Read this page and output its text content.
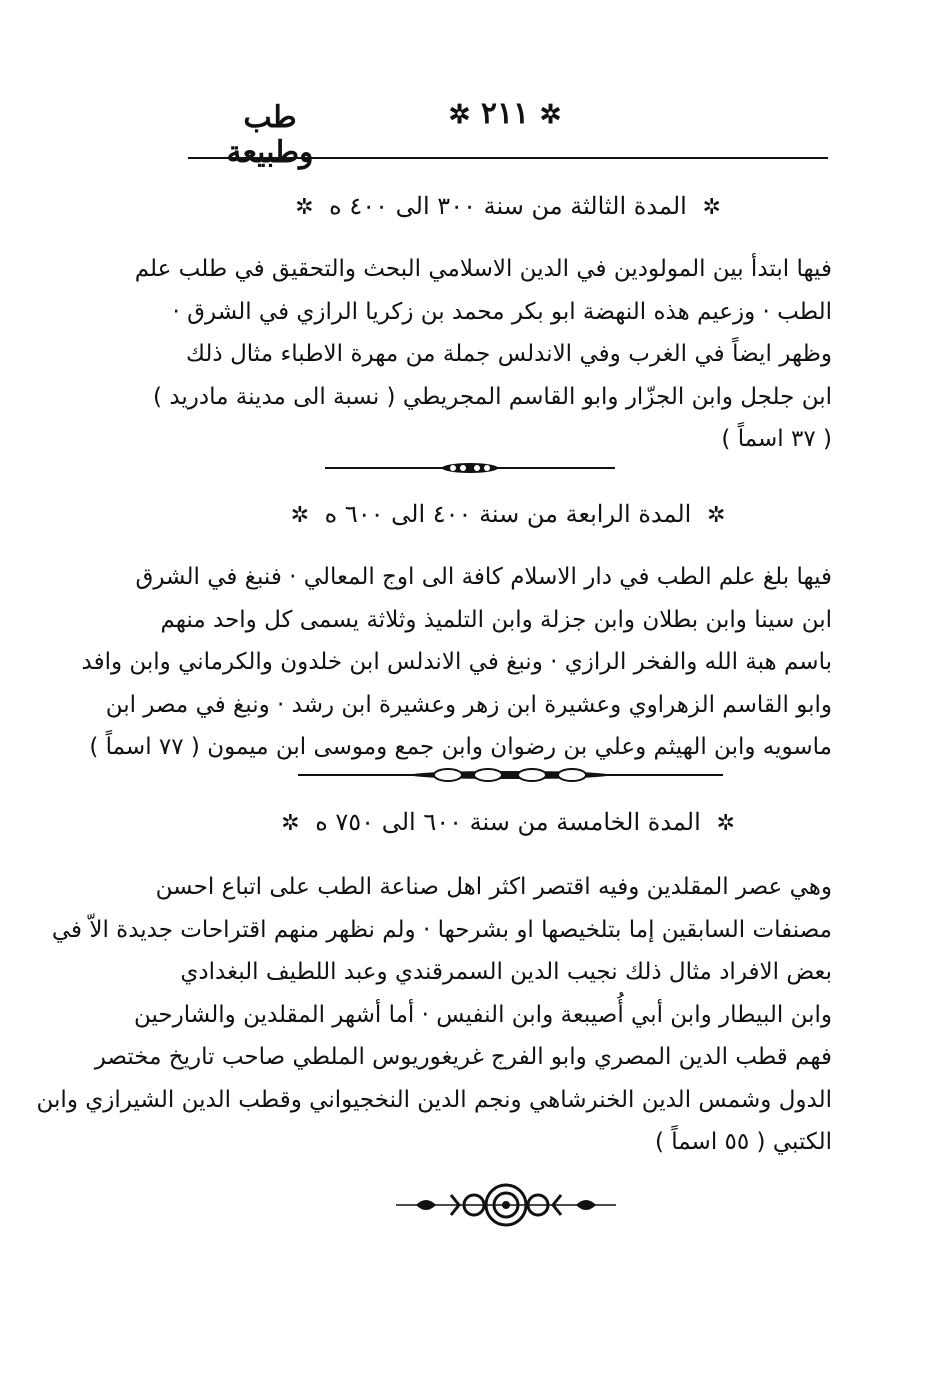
طب وطبيعة
✲ ٢١١ ✲
✲ المدة الثالثة من سنة ٣٠٠ الى ٤٠٠ ه ✲
فيها ابتدأ بين المولودين في الدين الاسلامي البحث والتحقيق في طلب علم
الطب · وزعيم هذه النهضة ابو بكر محمد بن زكريا الرازي في الشرق ·
وظهر ايضاً في الغرب وفي الاندلس جملة من مهرة الاطباء مثال ذلك
ابن جلجل وابن الجزّار وابو القاسم المجريطي ( نسبة الى مدينة مادريد )
( ٣٧ اسماً )
✲ المدة الرابعة من سنة ٤٠٠ الى ٦٠٠ ه ✲
فيها بلغ علم الطب في دار الاسلام كافة الى اوج المعالي · فنبغ في الشرق
ابن سينا وابن بطلان وابن جزلة وابن التلميذ وثلاثة يسمى كل واحد منهم
باسم هبة الله والفخر الرازي · ونبغ في الاندلس ابن خلدون والكرماني وابن وافد
وابو القاسم الزهراوي وعشيرة ابن زهر وعشيرة ابن رشد · ونبغ في مصر ابن
ماسويه وابن الهيثم وعلي بن رضوان وابن جمع وموسى ابن ميمون ( ٧٧ اسماً )
✲ المدة الخامسة من سنة ٦٠٠ الى ٧٥٠ ه ✲
وهي عصر المقلدين وفيه اقتصر اكثر اهل صناعة الطب على اتباع احسن
مصنفات السابقين إما بتلخيصها او بشرحها · ولم نظهر منهم اقتراحات جديدة الاّ في
بعض الافراد مثال ذلك نجيب الدين السمرقندي وعبد اللطيف البغدادي
وابن البيطار وابن أبي أُصيبعة وابن النفيس · أما أشهر المقلدين والشارحين
فهم قطب الدين المصري وابو الفرج غريغوريوس الملطي صاحب تاريخ مختصر
الدول وشمس الدين الخنرشاهي ونجم الدين النخجيواني وقطب الدين الشيرازي وابن
الكتبي ( ٥٥ اسماً )
